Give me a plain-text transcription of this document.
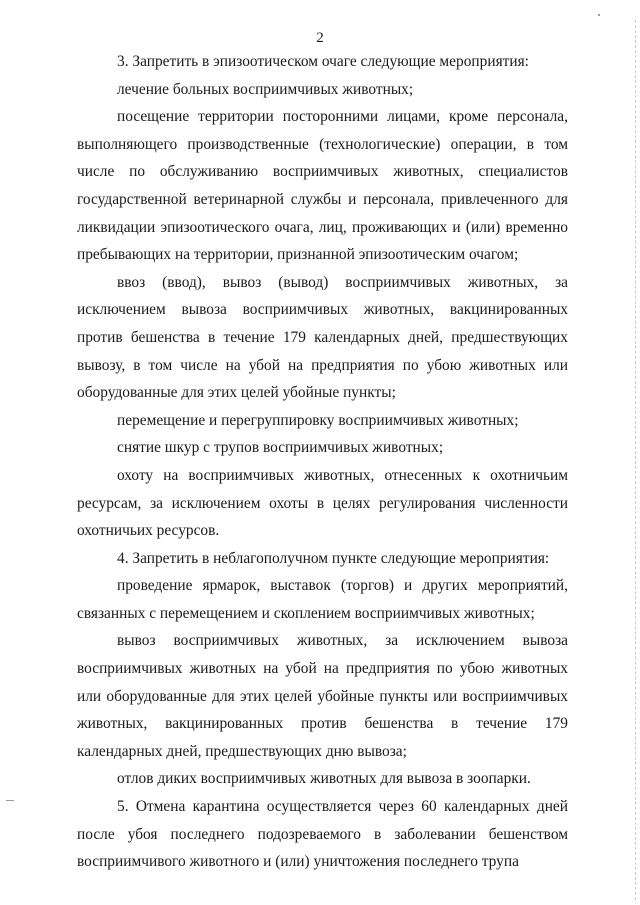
2

3. Запретить в эпизоотическом очаге следующие мероприятия:

лечение больных восприимчивых животных;

посещение территории посторонними лицами, кроме персонала, выполняющего производственные (технологические) операции, в том числе по обслуживанию восприимчивых животных, специалистов государственной ветеринарной службы и персонала, привлеченного для ликвидации эпизоотического очага, лиц, проживающих и (или) временно пребывающих на территории, признанной эпизоотическим очагом;

ввоз (ввод), вывоз (вывод) восприимчивых животных, за исключением вывоза восприимчивых животных, вакцинированных против бешенства в течение 179 календарных дней, предшествующих вывозу, в том числе на убой на предприятия по убою животных или оборудованные для этих целей убойные пункты;

перемещение и перегруппировку восприимчивых животных;

снятие шкур с трупов восприимчивых животных;

охоту на восприимчивых животных, отнесенных к охотничьим ресурсам, за исключением охоты в целях регулирования численности охотничьих ресурсов.

4. Запретить в неблагополучном пункте следующие мероприятия:

проведение ярмарок, выставок (торгов) и других мероприятий, связанных с перемещением и скоплением восприимчивых животных;

вывоз восприимчивых животных, за исключением вывоза восприимчивых животных на убой на предприятия по убою животных или оборудованные для этих целей убойные пункты или восприимчивых животных, вакцинированных против бешенства в течение 179 календарных дней, предшествующих дню вывоза;

отлов диких восприимчивых животных для вывоза в зоопарки.

5. Отмена карантина осуществляется через 60 календарных дней после убоя последнего подозреваемого в заболевании бешенством восприимчивого животного и (или) уничтожения последнего трупа
